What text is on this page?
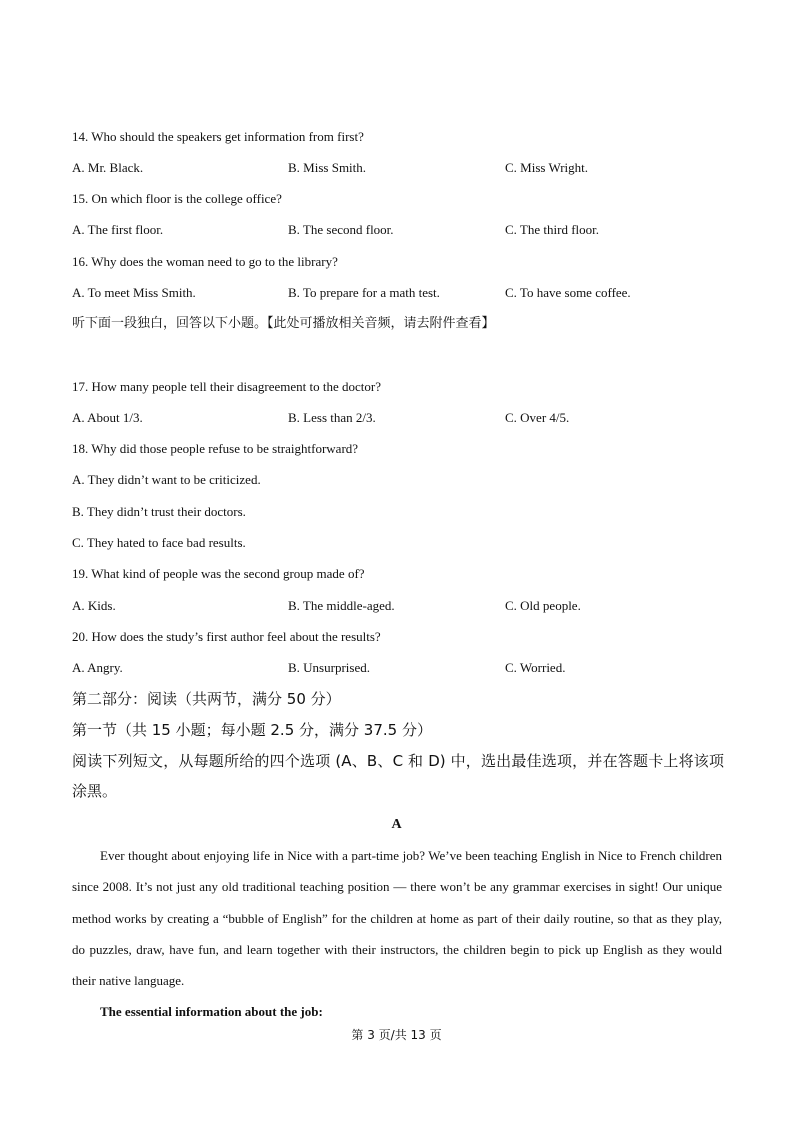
14. Who should the speakers get information from first?
A. Mr. Black.	B. Miss Smith.	C. Miss Wright.
15. On which floor is the college office?
A. The first floor.	B. The second floor.	C. The third floor.
16. Why does the woman need to go to the library?
A. To meet Miss Smith.	B. To prepare for a math test.	C. To have some coffee.
听下面一段独白，回答以下小题。【此处可播放相关音频，请去附件查看】
17. How many people tell their disagreement to the doctor?
A. About 1/3.	B. Less than 2/3.	C. Over 4/5.
18. Why did those people refuse to be straightforward?
A. They didn’t want to be criticized.
B. They didn’t trust their doctors.
C. They hated to face bad results.
19. What kind of people was the second group made of?
A. Kids.	B. The middle-aged.	C. Old people.
20. How does the study’s first author feel about the results?
A. Angry.	B. Unsurprised.	C. Worried.
第二部分：阅读（共两节，满分 50 分）
第一节（共 15 小题；每小题 2.5 分，满分 37.5 分）
阅读下列短文，从每题所给的四个选项 (A、B、C 和 D) 中，选出最佳选项，并在答题卡上将该项涂黑。
A
Ever thought about enjoying life in Nice with a part-time job? We’ve been teaching English in Nice to French children since 2008. It’s not just any old traditional teaching position — there won’t be any grammar exercises in sight! Our unique method works by creating a “bubble of English” for the children at home as part of their daily routine, so that as they play, do puzzles, draw, have fun, and learn together with their instructors, the children begin to pick up English as they would their native language.
The essential information about the job:
第 3 页/共 13 页
